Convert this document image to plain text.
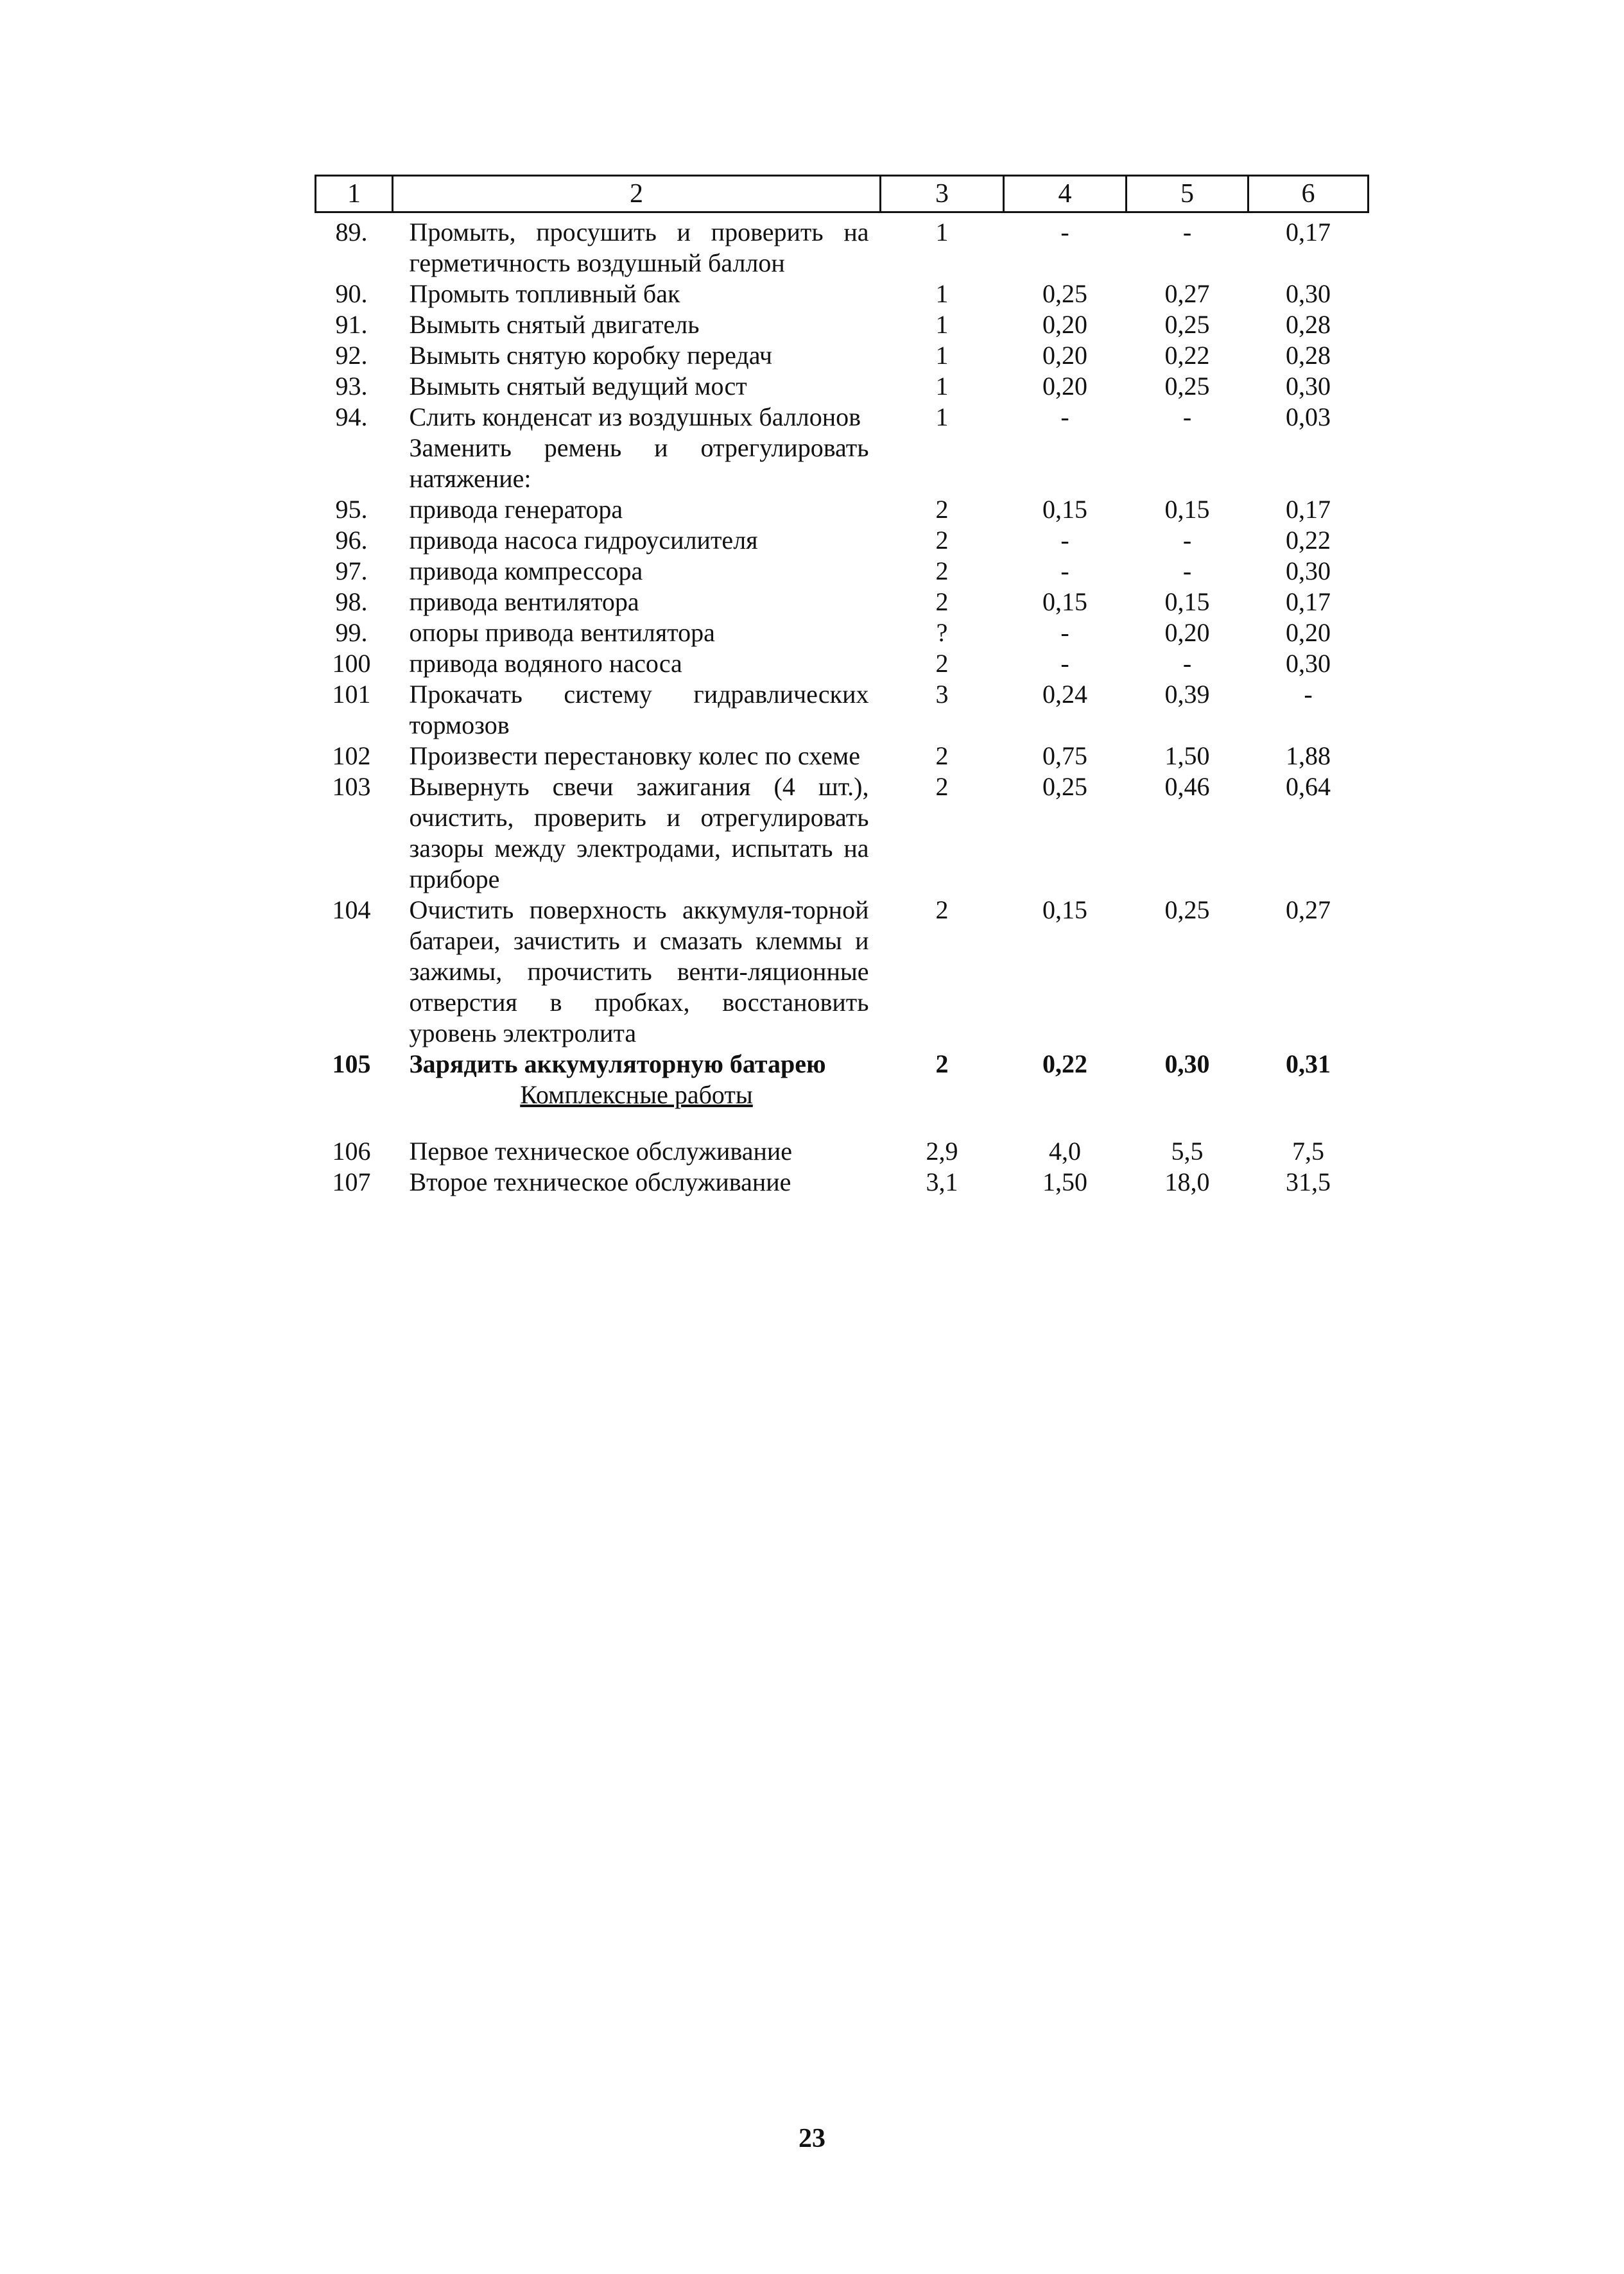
1	2	3	4	5	6
89.	Промыть, просушить и проверить на герметичность воздушный баллон	1	-	-	0,17
90.	Промыть топливный бак	1	0,25	0,27	0,30
91.	Вымыть снятый двигатель	1	0,20	0,25	0,28
92.	Вымыть снятую коробку передач	1	0,20	0,22	0,28
93.	Вымыть снятый ведущий мост	1	0,20	0,25	0,30
94.	Слить конденсат из воздушных баллонов	1	-	-	0,03
	Заменить ремень и отрегулировать натяжение:				
95.	привода генератора	2	0,15	0,15	0,17
96.	привода насоса гидроусилителя	2	-	-	0,22
97.	привода компрессора	2	-	-	0,30
98.	привода вентилятора	2	0,15	0,15	0,17
99.	опоры привода вентилятора	?	-	0,20	0,20
100	привода водяного насоса	2	-	-	0,30
101	Прокачать систему гидравлических тормозов	3	0,24	0,39	-
102	Произвести перестановку колес по схеме	2	0,75	1,50	1,88
103	Вывернуть свечи зажигания (4 шт.), очистить, проверить и отрегулировать зазоры между электродами, испытать на приборе	2	0,25	0,46	0,64
104	Очистить поверхность аккумуля-торной батареи, зачистить и смазать клеммы и зажимы, прочистить венти-ляционные отверстия в пробках, восстановить уровень электролита	2	0,15	0,25	0,27
105	Зарядить аккумуляторную батарею	2	0,22	0,30	0,31
	Комплексные работы				
106	Первое техническое обслуживание	2,9	4,0	5,5	7,5
107	Второе техническое обслуживание	3,1	1,50	18,0	31,5
23
